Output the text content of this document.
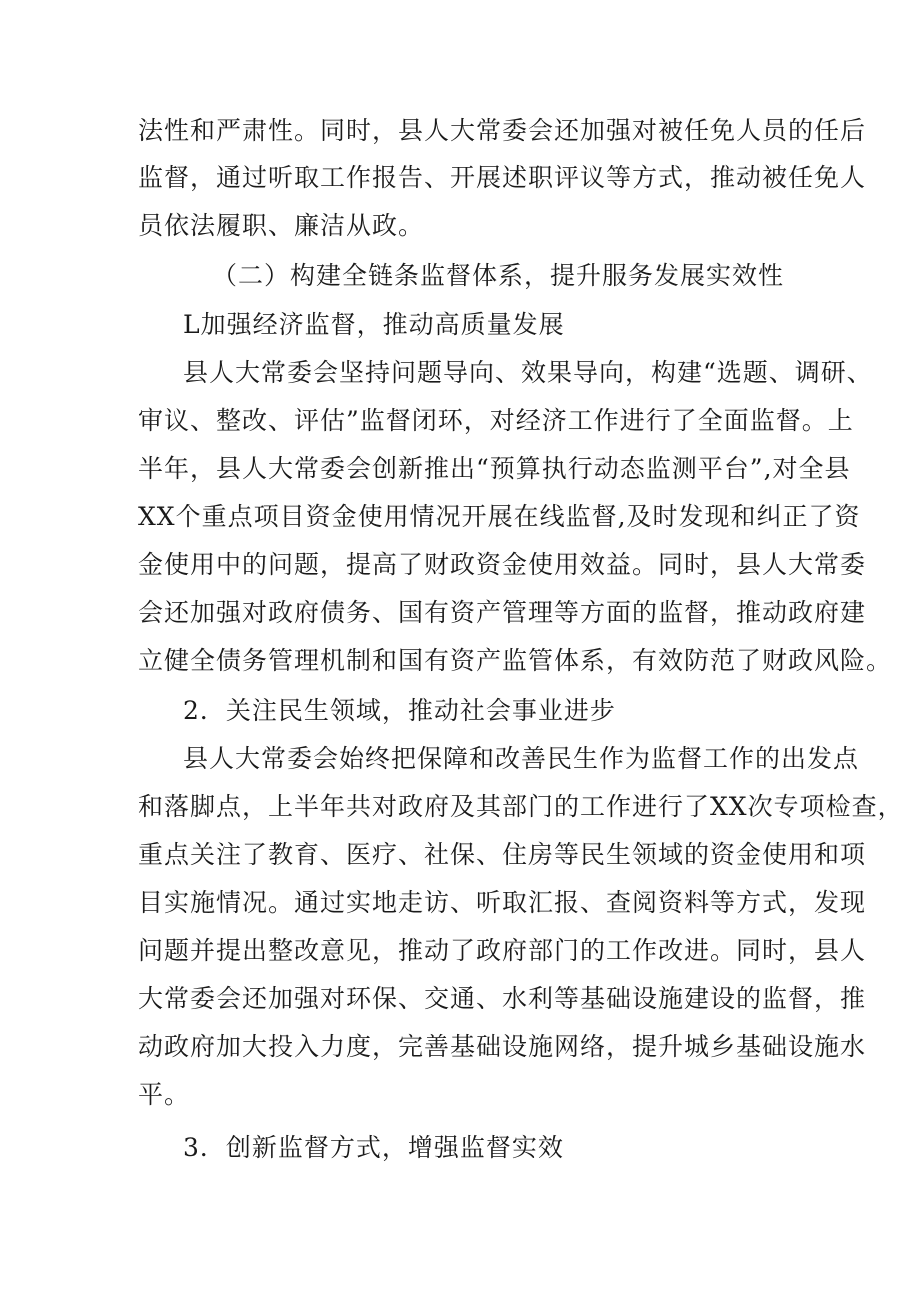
法性和严肃性。同时，县人大常委会还加强对被任免人员的任后
监督，通过听取工作报告、开展述职评议等方式，推动被任免人
员依法履职、廉洁从政。
（二）构建全链条监督体系，提升服务发展实效性
L加强经济监督，推动高质量发展
县人大常委会坚持问题导向、效果导向，构建“选题、调研、
审议、整改、评估”监督闭环，对经济工作进行了全面监督。上
半年，县人大常委会创新推出“预算执行动态监测平台”,对全县
XX个重点项目资金使用情况开展在线监督,及时发现和纠正了资
金使用中的问题，提高了财政资金使用效益。同时，县人大常委
会还加强对政府债务、国有资产管理等方面的监督，推动政府建
立健全债务管理机制和国有资产监管体系，有效防范了财政风险。
2．关注民生领域，推动社会事业进步
县人大常委会始终把保障和改善民生作为监督工作的出发点
和落脚点，上半年共对政府及其部门的工作进行了XX次专项检查，
重点关注了教育、医疗、社保、住房等民生领域的资金使用和项
目实施情况。通过实地走访、听取汇报、查阅资料等方式，发现
问题并提出整改意见，推动了政府部门的工作改进。同时，县人
大常委会还加强对环保、交通、水利等基础设施建设的监督，推
动政府加大投入力度，完善基础设施网络，提升城乡基础设施水
平。
3．创新监督方式，增强监督实效
